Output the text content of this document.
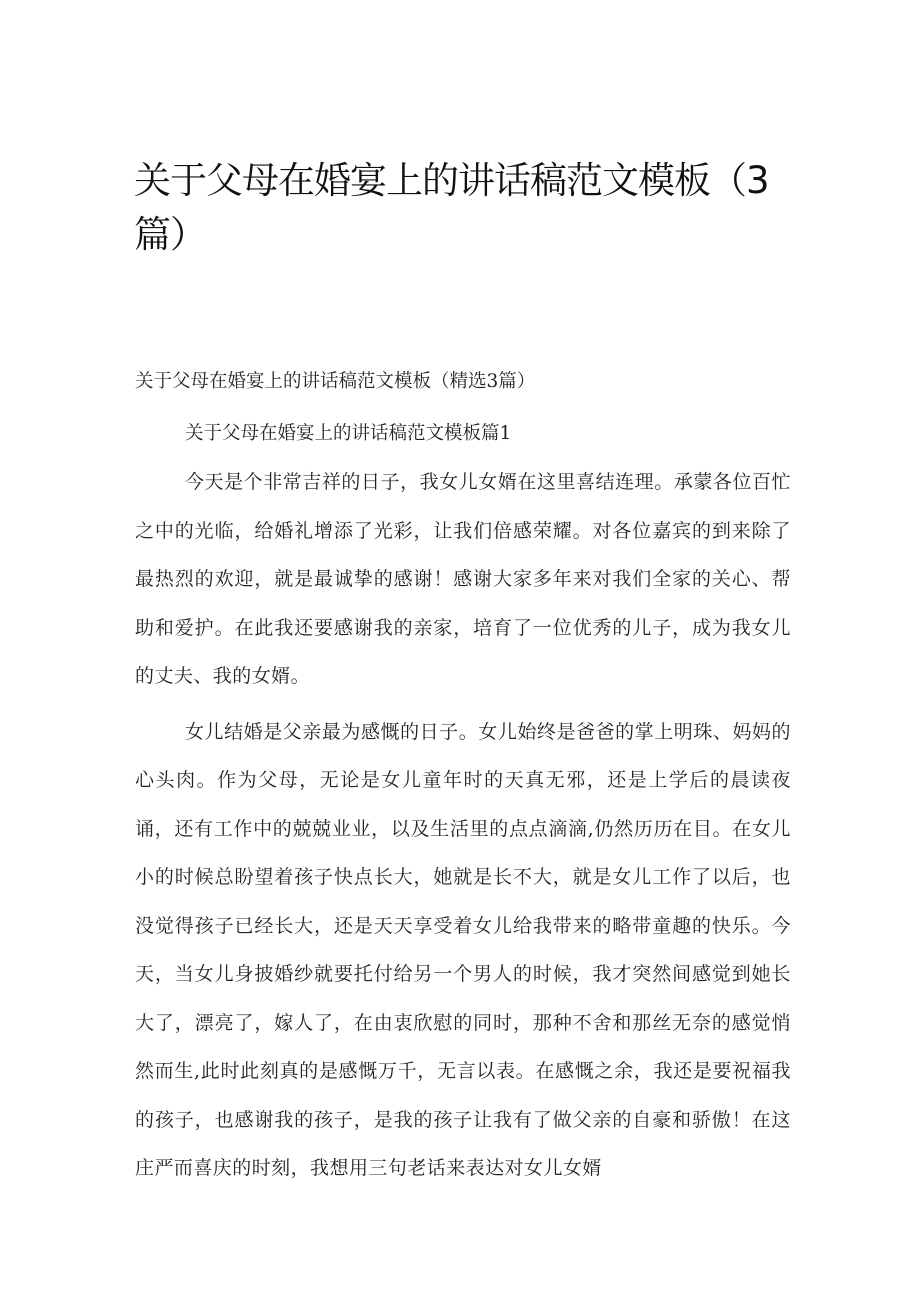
关于父母在婚宴上的讲话稿范文模板（3篇）

关于父母在婚宴上的讲话稿范文模板（精选3篇）

关于父母在婚宴上的讲话稿范文模板篇1

今天是个非常吉祥的日子，我女儿女婿在这里喜结连理。承蒙各位百忙之中的光临，给婚礼增添了光彩，让我们倍感荣耀。对各位嘉宾的到来除了最热烈的欢迎，就是最诚挚的感谢！感谢大家多年来对我们全家的关心、帮助和爱护。在此我还要感谢我的亲家，培育了一位优秀的儿子，成为我女儿的丈夫、我的女婿。

女儿结婚是父亲最为感慨的日子。女儿始终是爸爸的掌上明珠、妈妈的心头肉。作为父母，无论是女儿童年时的天真无邪，还是上学后的晨读夜诵，还有工作中的兢兢业业，以及生活里的点点滴滴,仍然历历在目。在女儿小的时候总盼望着孩子快点长大，她就是长不大，就是女儿工作了以后，也没觉得孩子已经长大，还是天天享受着女儿给我带来的略带童趣的快乐。今天，当女儿身披婚纱就要托付给另一个男人的时候，我才突然间感觉到她长大了，漂亮了，嫁人了，在由衷欣慰的同时，那种不舍和那丝无奈的感觉悄然而生,此时此刻真的是感慨万千，无言以表。在感慨之余，我还是要祝福我的孩子，也感谢我的孩子，是我的孩子让我有了做父亲的自豪和骄傲！在这庄严而喜庆的时刻，我想用三句老话来表达对女儿女婿
